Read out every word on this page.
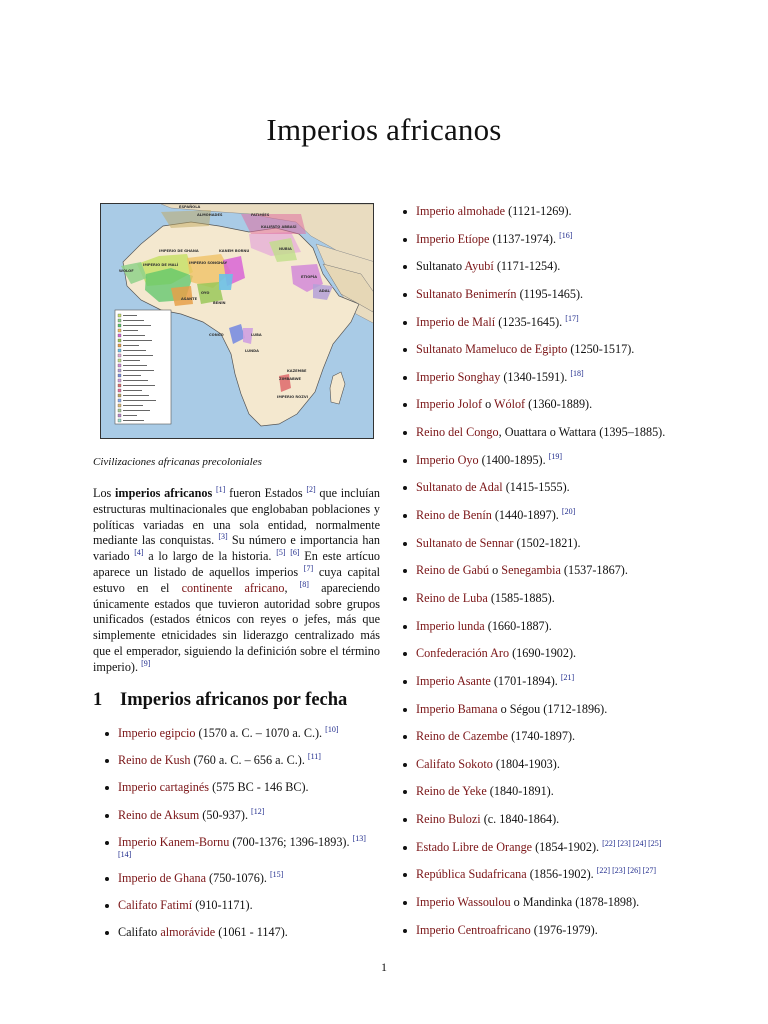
Imperios africanos
ESPAÑOLA
ALMOHADES	FATIMÍES
KALIFATO ABBASÍ
IMPERIO DE GHANA
WOLOF
IMPERIO DE MALÍ	IMPERIO SONGHAY
KANEM BORNU
ASANTE
OYO
BENÍN
NUBIA
ETIOPÍA
ADAL
CONGO	LUBA
LUNDA
KAZEMBE
ZIMBABWE
IMPERIO ROZVI
Civilizaciones africanas precoloniales

Los imperios africanos [1] fueron Estados [2] que incluían estructuras multinacionales que englobaban poblaciones y políticas variadas en una sola entidad, normalmente mediante las conquistas. [3] Su número e importancia han variado [4] a lo largo de la historia. [5] [6] En este artícuo aparece un listado de aquellos imperios [7] cuya capital estuvo en el continente africano, [8] apareciendo únicamente estados que tuvieron autoridad sobre grupos unificados (estados étnicos con reyes o jefes, más que simplemente etnicidades sin liderazgo centralizado más que el emperador, siguiendo la definición sobre el término imperio). [9]

1 Imperios africanos por fecha
Imperio egipcio (1570 a. C. – 1070 a. C.). [10]
Reino de Kush (760 a. C. – 656 a. C.). [11]
Imperio cartaginés (575 BC - 146 BC).
Reino de Aksum (50-937). [12]
Imperio Kanem-Bornu (700-1376; 1396-1893). [13]
[14]
Imperio de Ghana (750-1076). [15]
Califato Fatimí (910-1171).
Califato almorávide (1061 - 1147).
Imperio almohade (1121-1269).
Imperio Etíope (1137-1974). [16]
Sultanato Ayubí (1171-1254).
Sultanato Benimerín (1195-1465).
Imperio de Malí (1235-1645). [17]
Sultanato Mameluco de Egipto (1250-1517).
Imperio Songhay (1340-1591). [18]
Imperio Jolof o Wólof (1360-1889).
Reino del Congo, Ouattara o Wattara (1395–1885).
Imperio Oyo (1400-1895). [19]
Sultanato de Adal (1415-1555).
Reino de Benín (1440-1897). [20]
Sultanato de Sennar (1502-1821).
Reino de Gabú o Senegambia (1537-1867).
Reino de Luba (1585-1885).
Imperio lunda (1660-1887).
Confederación Aro (1690-1902).
Imperio Asante (1701-1894). [21]
Imperio Bamana o Ségou (1712-1896).
Reino de Cazembe (1740-1897).
Califato Sokoto (1804-1903).
Reino de Yeke (1840-1891).
Reino Bulozi (c. 1840-1864).
Estado Libre de Orange (1854-1902). [22] [23] [24] [25]
República Sudafricana (1856-1902). [22] [23] [26] [27]
Imperio Wassoulou o Mandinka (1878-1898).
Imperio Centroafricano (1976-1979).
1
